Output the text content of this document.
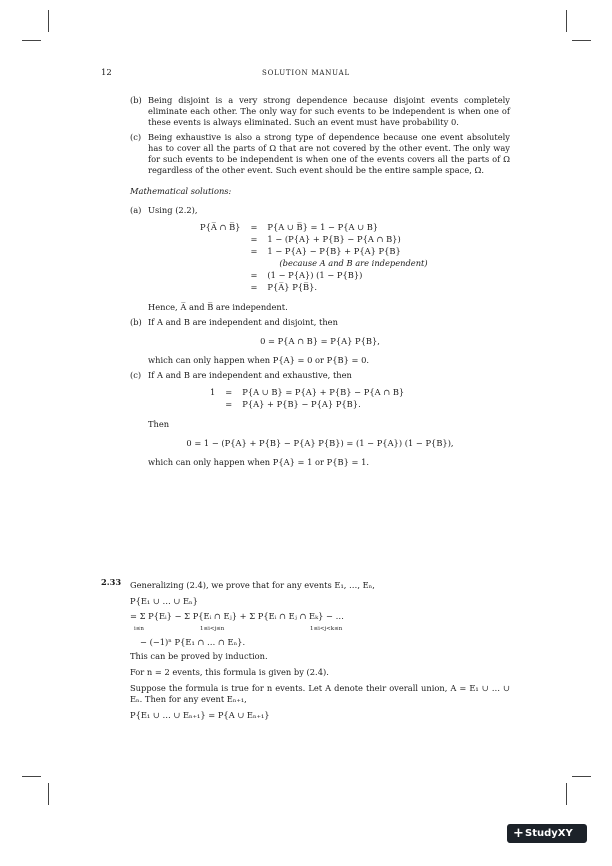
12	SOLUTION MANUAL
(b) Being disjoint is a very strong dependence because disjoint events completely eliminate each other. The only way for such events to be independent is when one of these events is always eliminated. Such an event must have probability 0.
(c) Being exhaustive is also a strong type of dependence because one event absolutely has to cover all the parts of Ω that are not covered by the other event. The only way for such events to be independent is when one of the events covers all the parts of Ω regardless of the other event. Such event should be the entire sample space, Ω.
Mathematical solutions:
(a) Using (2.2),
P{A̅ ∩ B̅}	=	P{A ∪ B̅} = 1 − P{A ∪ B}
	=	1 − (P{A} + P{B} − P{A ∩ B})
	=	1 − P{A} − P{B} + P{A} P{B}
		(because A and B are independent)
	=	(1 − P{A}) (1 − P{B})
	=	P{A̅} P{B̅}.
Hence, A̅ and B̅ are independent.
(b) If A and B are independent and disjoint, then
0 = P{A ∩ B} = P{A} P{B},
which can only happen when P{A} = 0 or P{B} = 0.
(c) If A and B are independent and exhaustive, then
1	=	P{A ∪ B} = P{A} + P{B} − P{A ∩ B}
	=	P{A} + P{B} − P{A} P{B}.
Then
0 = 1 − (P{A} + P{B} − P{A} P{B}) = (1 − P{A}) (1 − P{B}),
which can only happen when P{A} = 1 or P{B} = 1.
2.33 Generalizing (2.4), we prove that for any events E₁, …, Eₙ,
P{E₁ ∪ … ∪ Eₙ}
= Σ P{Eᵢ} − Σ P{Eᵢ ∩ Eⱼ} + Σ P{Eᵢ ∩ Eⱼ ∩ Eₖ} − …
i≤n	1≤i<j≤n	1≤i<j<k≤n
− (−1)ⁿ P{E₁ ∩ … ∩ Eₙ}.
This can be proved by induction.
For n = 2 events, this formula is given by (2.4).
Suppose the formula is true for n events. Let A denote their overall union, A = E₁ ∪ … ∪ Eₙ. Then for any event Eₙ₊₁,
P{E₁ ∪ … ∪ Eₙ₊₁} = P{A ∪ Eₙ₊₁}
+ StudyXY
